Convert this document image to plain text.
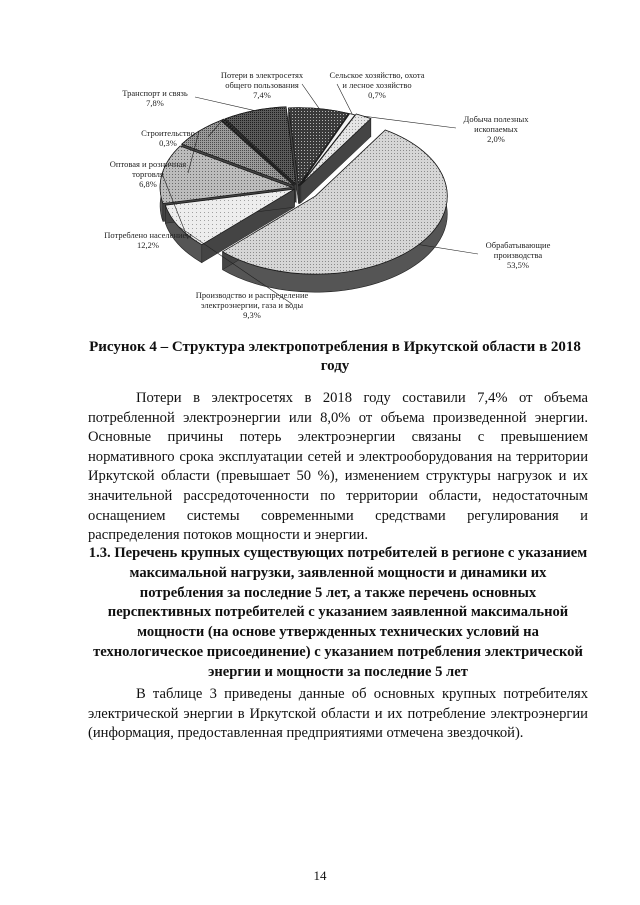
Обрабатывающие производства 53,5%
Производство и распределение электроэнергии, газа и воды 9,3%
Потреблено населением 12,2%
Оптовая и розничная торговля 6,8%
Строительство 0,3%
Транспорт и связь 7,8%
Потери в электросетях общего пользования 7,4%
Сельское хозяйство, охота и лесное хозяйство 0,7%
Добыча полезных ископаемых 2,0%
Рисунок 4 – Структура электропотребления в Иркутской области в 2018 году

Потери в электросетях в 2018 году составили 7,4% от объема потребленной электроэнергии или 8,0% от объема произведенной энергии. Основные причины потерь электроэнергии связаны с превышением нормативного срока эксплуатации сетей и электрооборудования на территории Иркутской области (превышает 50 %), изменением структуры нагрузок и их значительной рассредоточенности по территории области, недостаточным оснащением системы современными средствами регулирования и распределения потоков мощности и энергии.

1.3. Перечень крупных существующих потребителей в регионе с указанием максимальной нагрузки, заявленной мощности и динамики их потребления за последние 5 лет, а также перечень основных перспективных потребителей с указанием заявленной максимальной мощности (на основе утвержденных технических условий на технологическое присоединение) с указанием потребления электрической энергии и мощности за последние 5 лет

В таблице 3 приведены данные об основных крупных потребителях электрической энергии в Иркутской области и их потребление электроэнергии (информация, предоставленная предприятиями отмечена звездочкой).

14
